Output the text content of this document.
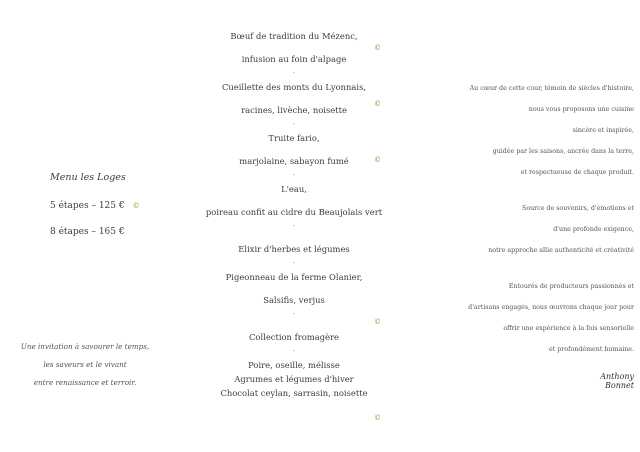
Menu les Loges
5 étapes – 125 € ©
8 étapes – 165 €
Une invitation à savourer le temps,
les saveurs et le vivant
entre renaissance et terroir.
Bœuf de tradition du Mézenc,
infusion au foin d'alpage
-
Cueillette des monts du Lyonnais,
racines, livèche, noisette
-
Truite fario,
marjolaine, sabayon fumé
-
L'eau,
poireau confit au cidre du Beaujolais vert
-
Elixir d'herbes et légumes
-
Pigeonneau de la ferme Olanier,
Salsifis, verjus
-
Collection fromagère
-
Poire, oseille, mélisse
Agrumes et légumes d'hiver
Chocolat ceylan, sarrasin, noisette
©
©
©
©
©
Au cœur de cette cour, témoin de siècles d'histoire,
nous vous proposons une cuisine
sincère et inspirée,
guidée par les saisons, ancrée dans la terre,
et respectueuse de chaque produit.
Source de souvenirs, d'émotions et
d'une profonde exigence,
notre approche allie authenticité et créativité
Entourés de producteurs passionnés et
d'artisans engagés, nous œuvrons chaque jour pour
offrir une expérience à la fois sensorielle
et profondément humaine.
Anthony Bonnet
